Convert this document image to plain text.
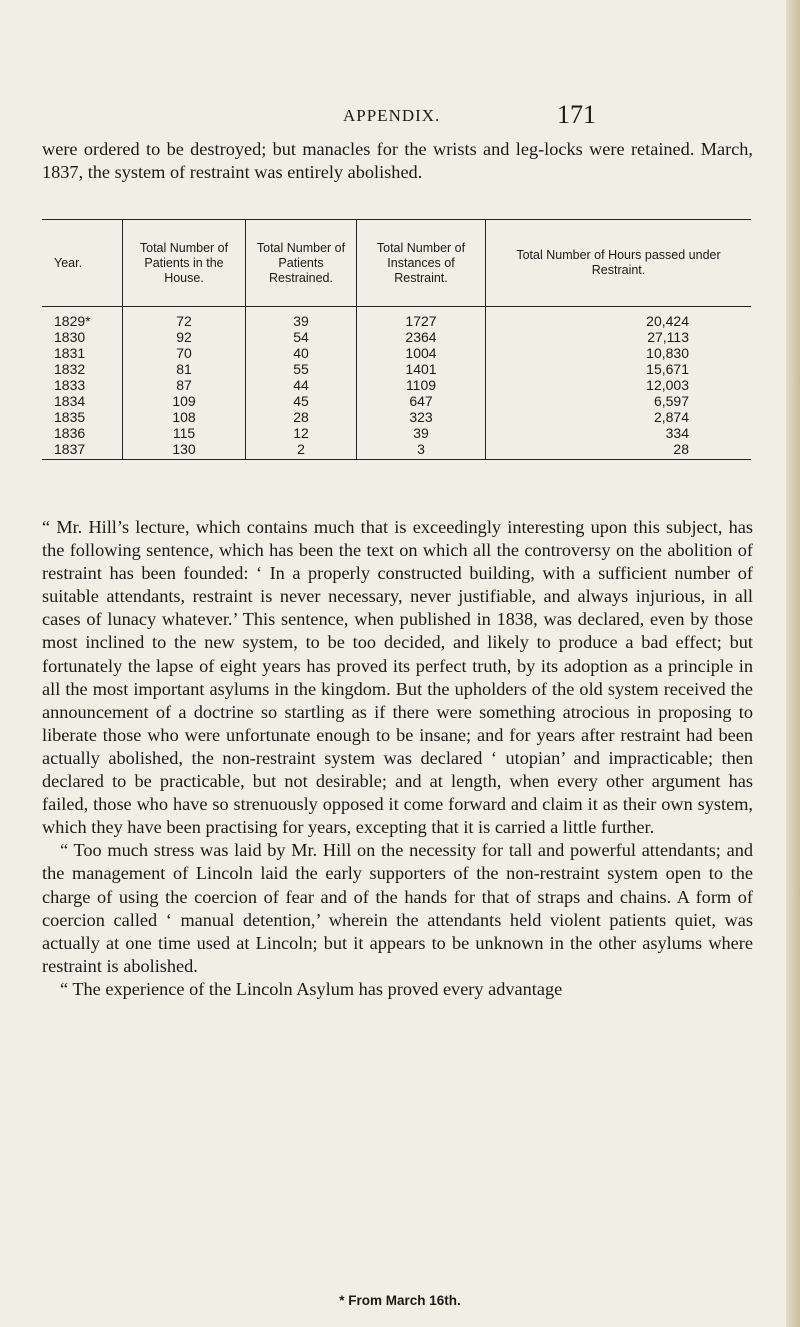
APPENDIX.	171

were ordered to be destroyed; but manacles for the wrists and leg-locks were retained. March, 1837, the system of restraint was entirely abolished.

Year.	Total Number of Patients in the House.	Total Number of Patients Restrained.	Total Number of Instances of Restraint.	Total Number of Hours passed under Restraint.
1829*	72	39	1727	20,424
1830	92	54	2364	27,113
1831	70	40	1004	10,830
1832	81	55	1401	15,671
1833	87	44	1109	12,003
1834	109	45	647	6,597
1835	108	28	323	2,874
1836	115	12	39	334
1837	130	2	3	28

“ Mr. Hill’s lecture, which contains much that is exceedingly interesting upon this subject, has the following sentence, which has been the text on which all the controversy on the abolition of restraint has been founded: ‘ In a properly constructed building, with a sufficient number of suitable attendants, restraint is never necessary, never justifiable, and always injurious, in all cases of lunacy whatever.’ This sentence, when published in 1838, was declared, even by those most inclined to the new system, to be too decided, and likely to produce a bad effect; but fortunately the lapse of eight years has proved its perfect truth, by its adoption as a principle in all the most important asylums in the kingdom. But the upholders of the old system received the announcement of a doctrine so startling as if there were something atrocious in proposing to liberate those who were unfortunate enough to be insane; and for years after restraint had been actually abolished, the non-restraint system was declared ‘ utopian’ and impracticable; then declared to be practicable, but not desirable; and at length, when every other argument has failed, those who have so strenuously opposed it come forward and claim it as their own system, which they have been practising for years, excepting that it is carried a little further.

“ Too much stress was laid by Mr. Hill on the necessity for tall and powerful attendants; and the management of Lincoln laid the early supporters of the non-restraint system open to the charge of using the coercion of fear and of the hands for that of straps and chains. A form of coercion called ‘ manual detention,’ wherein the attendants held violent patients quiet, was actually at one time used at Lincoln; but it appears to be unknown in the other asylums where restraint is abolished.

“ The experience of the Lincoln Asylum has proved every advantage

* From March 16th.
